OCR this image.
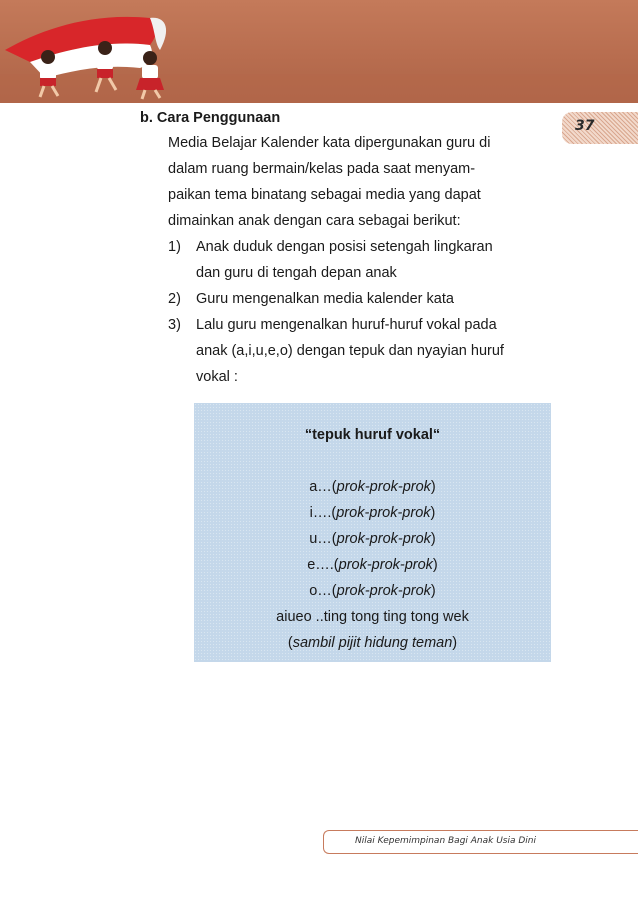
37
b. Cara Penggunaan
Media Belajar Kalender kata dipergunakan guru di
dalam ruang bermain/kelas pada saat menyam-
paikan tema binatang sebagai media yang dapat
dimainkan anak dengan cara sebagai berikut:
1)	Anak duduk dengan posisi setengah lingkaran
dan guru di tengah depan anak
2)	Guru mengenalkan media kalender kata
3)	Lalu guru mengenalkan huruf-huruf vokal pada
anak (a,i,u,e,o) dengan tepuk dan nyayian huruf
vokal :
“tepuk huruf vokal“
a…(prok-prok-prok)
i….(prok-prok-prok)
u…(prok-prok-prok)
e….(prok-prok-prok)
o…(prok-prok-prok)
aiueo ..ting tong ting tong wek
(sambil pijit hidung teman)
Nilai Kepemimpinan Bagi Anak Usia Dini
